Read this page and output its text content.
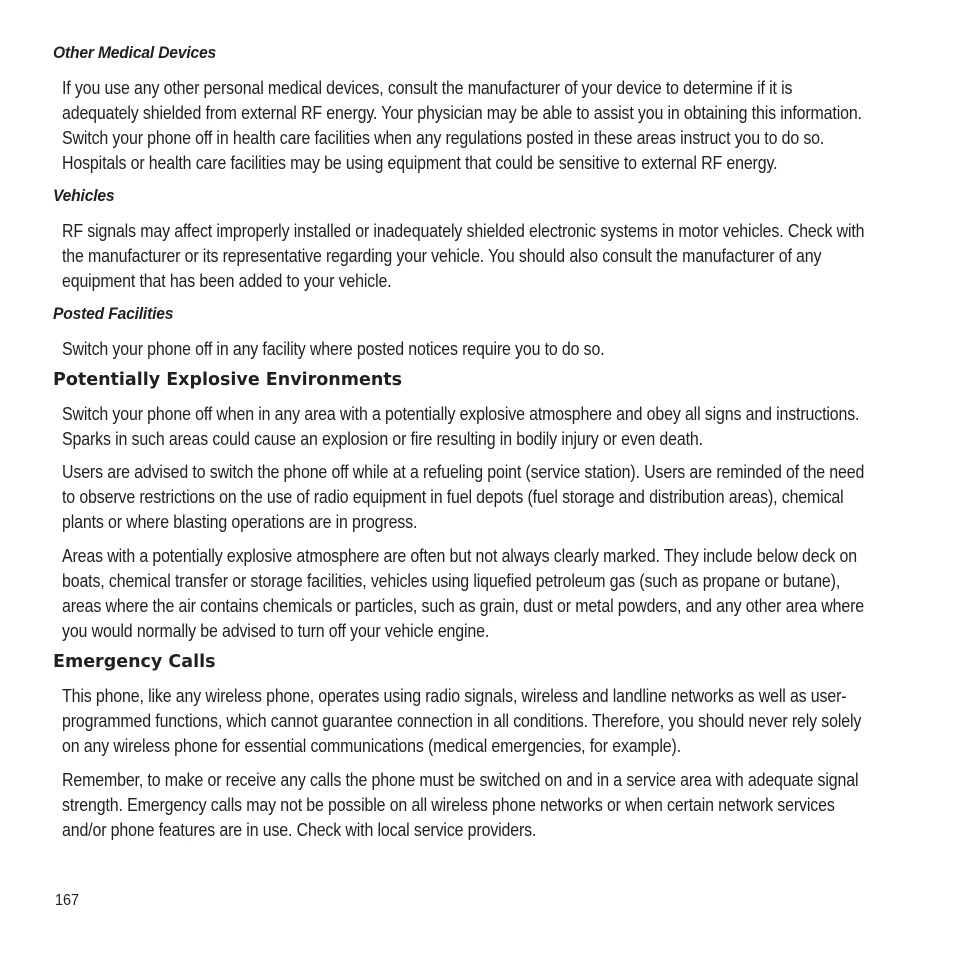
Other Medical Devices

If you use any other personal medical devices, consult the manufacturer of your device to determine if it is
adequately shielded from external RF energy. Your physician may be able to assist you in obtaining this information.
Switch your phone off in health care facilities when any regulations posted in these areas instruct you to do so.
Hospitals or health care facilities may be using equipment that could be sensitive to external RF energy.

Vehicles

RF signals may affect improperly installed or inadequately shielded electronic systems in motor vehicles. Check with
the manufacturer or its representative regarding your vehicle. You should also consult the manufacturer of any
equipment that has been added to your vehicle.

Posted Facilities

Switch your phone off in any facility where posted notices require you to do so.

Potentially Explosive Environments

Switch your phone off when in any area with a potentially explosive atmosphere and obey all signs and instructions.
Sparks in such areas could cause an explosion or fire resulting in bodily injury or even death.

Users are advised to switch the phone off while at a refueling point (service station). Users are reminded of the need
to observe restrictions on the use of radio equipment in fuel depots (fuel storage and distribution areas), chemical
plants or where blasting operations are in progress.

Areas with a potentially explosive atmosphere are often but not always clearly marked. They include below deck on
boats, chemical transfer or storage facilities, vehicles using liquefied petroleum gas (such as propane or butane),
areas where the air contains chemicals or particles, such as grain, dust or metal powders, and any other area where
you would normally be advised to turn off your vehicle engine.

Emergency Calls

This phone, like any wireless phone, operates using radio signals, wireless and landline networks as well as user-
programmed functions, which cannot guarantee connection in all conditions. Therefore, you should never rely solely
on any wireless phone for essential communications (medical emergencies, for example).

Remember, to make or receive any calls the phone must be switched on and in a service area with adequate signal
strength. Emergency calls may not be possible on all wireless phone networks or when certain network services
and/or phone features are in use. Check with local service providers.

167
